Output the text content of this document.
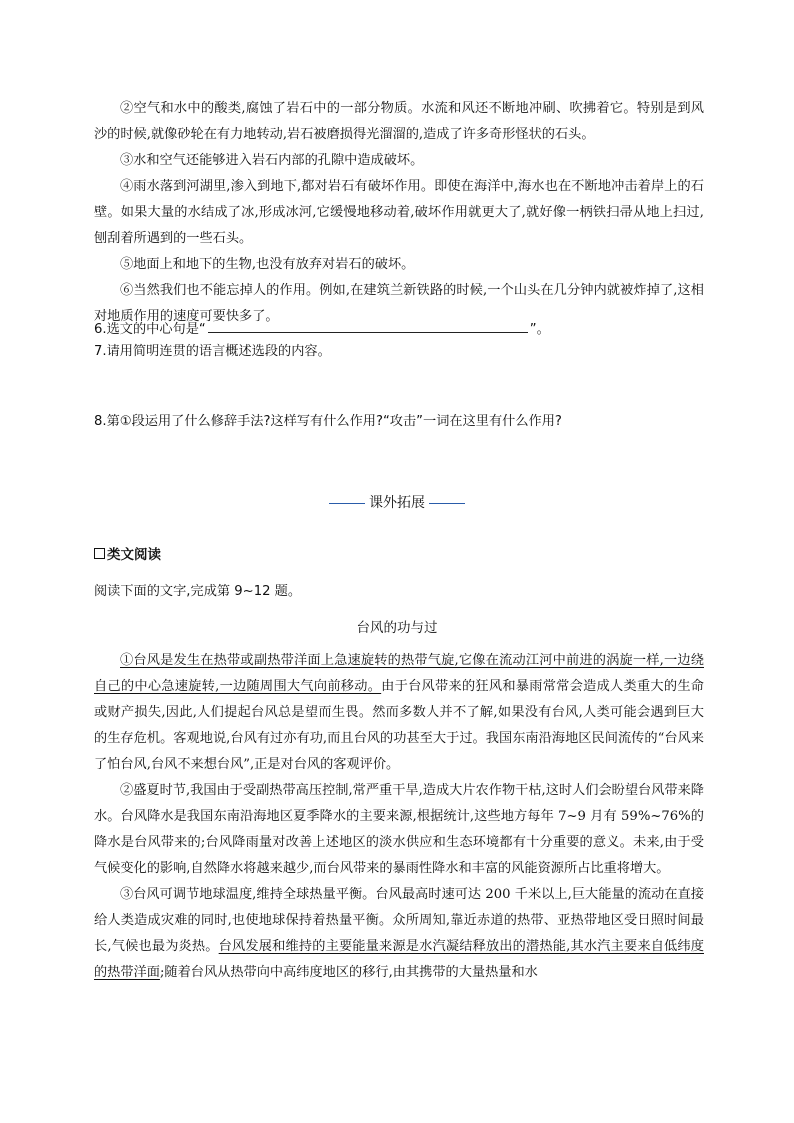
②空气和水中的酸类,腐蚀了岩石中的一部分物质。水流和风还不断地冲刷、吹拂着它。特别是到风沙的时候,就像砂轮在有力地转动,岩石被磨损得光溜溜的,造成了许多奇形怪状的石头。

③水和空气还能够进入岩石内部的孔隙中造成破坏。

④雨水落到河湖里,渗入到地下,都对岩石有破坏作用。即使在海洋中,海水也在不断地冲击着岸上的石壁。如果大量的水结成了冰,形成冰河,它缓慢地移动着,破坏作用就更大了,就好像一柄铁扫帚从地上扫过,刨刮着所遇到的一些石头。

⑤地面上和地下的生物,也没有放弃对岩石的破坏。

⑥当然我们也不能忘掉人的作用。例如,在建筑兰新铁路的时候,一个山头在几分钟内就被炸掉了,这相对地质作用的速度可要快多了。

6.选文的中心句是“	”。

7.请用简明连贯的语言概述选段的内容。

8.第①段运用了什么修辞手法?这样写有什么作用?“攻击”一词在这里有什么作用?

课外拓展
类文阅读
阅读下面的文字,完成第 9~12 题。
台风的功与过

①台风是发生在热带或副热带洋面上急速旋转的热带气旋,它像在流动江河中前进的涡旋一样,一边绕自己的中心急速旋转,一边随周围大气向前移动。由于台风带来的狂风和暴雨常常会造成人类重大的生命或财产损失,因此,人们提起台风总是望而生畏。然而多数人并不了解,如果没有台风,人类可能会遇到巨大的生存危机。客观地说,台风有过亦有功,而且台风的功甚至大于过。我国东南沿海地区民间流传的“台风来了怕台风,台风不来想台风”,正是对台风的客观评价。

②盛夏时节,我国由于受副热带高压控制,常严重干旱,造成大片农作物干枯,这时人们会盼望台风带来降水。台风降水是我国东南沿海地区夏季降水的主要来源,根据统计,这些地方每年 7~9 月有 59%~76%的降水是台风带来的;台风降雨量对改善上述地区的淡水供应和生态环境都有十分重要的意义。未来,由于受气候变化的影响,自然降水将越来越少,而台风带来的暴雨性降水和丰富的风能资源所占比重将增大。

③台风可调节地球温度,维持全球热量平衡。台风最高时速可达 200 千米以上,巨大能量的流动在直接给人类造成灾难的同时,也使地球保持着热量平衡。众所周知,靠近赤道的热带、亚热带地区受日照时间最长,气候也最为炎热。台风发展和维持的主要能量来源是水汽凝结释放出的潜热能,其水汽主要来自低纬度的热带洋面;随着台风从热带向中高纬度地区的移行,由其携带的大量热量和水
